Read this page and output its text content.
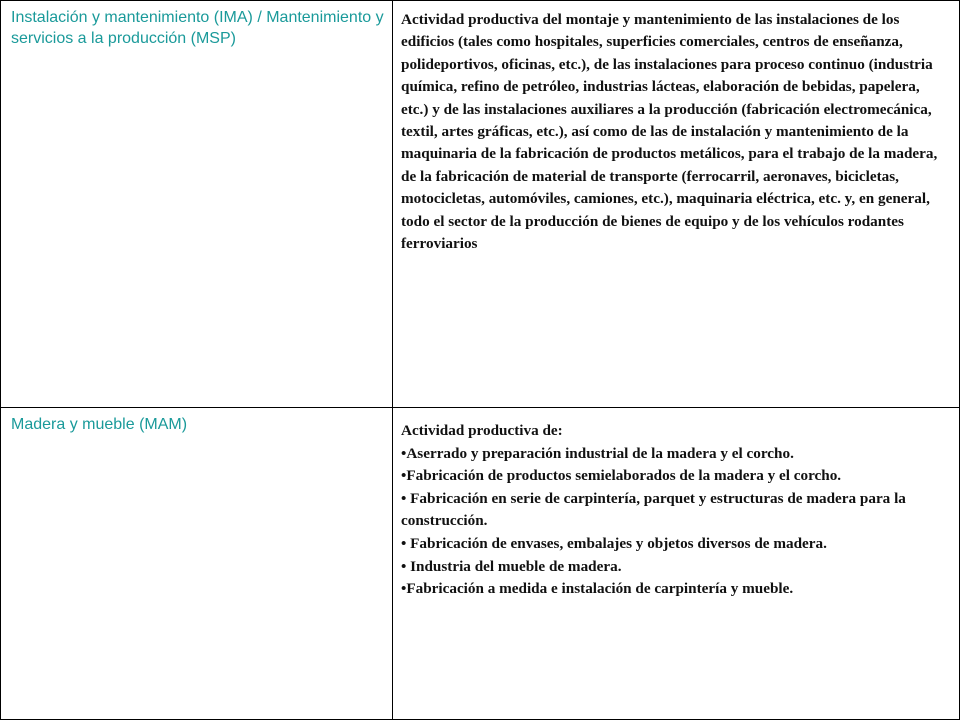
Instalación y mantenimiento (IMA) / Mantenimiento y servicios a la producción (MSP)

Actividad productiva del montaje y mantenimiento de las instalaciones de los edificios (tales como hospitales, superficies comerciales, centros de enseñanza, polideportivos, oficinas, etc.), de las instalaciones para proceso continuo (industria química, refino de petróleo, industrias lácteas, elaboración de bebidas, papelera, etc.) y de las instalaciones auxiliares a la producción (fabricación electromecánica, textil, artes gráficas, etc.), así como de las de instalación y mantenimiento de la maquinaria de la fabricación de productos metálicos, para el trabajo de la madera, de la fabricación de material de transporte (ferrocarril, aeronaves, bicicletas, motocicletas, automóviles, camiones, etc.), maquinaria eléctrica, etc. y, en general, todo el sector de la producción de bienes de equipo y de los vehículos rodantes ferroviarios

Madera y mueble (MAM)	Actividad productiva de:

•Aserrado y preparación industrial de la madera y el corcho.

•Fabricación de productos semielaborados de la madera y el corcho.

• Fabricación en serie de carpintería, parquet y estructuras de madera para la construcción.

• Fabricación de envases, embalajes y objetos diversos de madera.

• Industria del mueble de madera.

•Fabricación a medida e instalación de carpintería y mueble.
